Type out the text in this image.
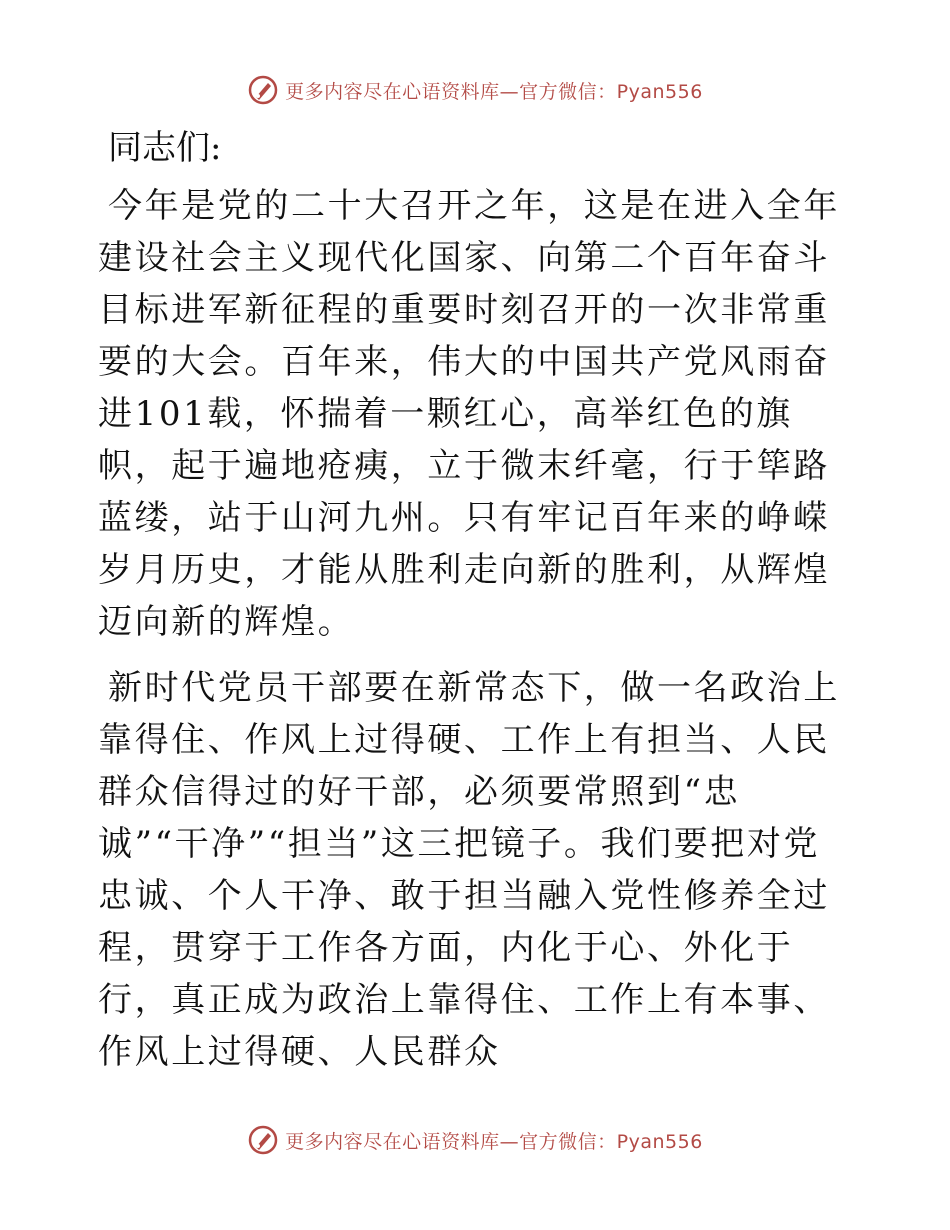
更多内容尽在心语资料库—官方微信：Pyan556
同志们:

今年是党的二十大召开之年，这是在进入全年建设社会主义现代化国家、向第二个百年奋斗目标进军新征程的重要时刻召开的一次非常重要的大会。百年来，伟大的中国共产党风雨奋进101载，怀揣着一颗红心，高举红色的旗帜，起于遍地疮痍，立于微末纤毫，行于筚路蓝缕，站于山河九州。只有牢记百年来的峥嵘岁月历史，才能从胜利走向新的胜利，从辉煌迈向新的辉煌。

新时代党员干部要在新常态下，做一名政治上靠得住、作风上过得硬、工作上有担当、人民群众信得过的好干部，必须要常照到“忠诚”“干净”“担当”这三把镜子。我们要把对党忠诚、个人干净、敢于担当融入党性修养全过程，贯穿于工作各方面，内化于心、外化于行，真正成为政治上靠得住、工作上有本事、作风上过得硬、人民群众

更多内容尽在心语资料库—官方微信：Pyan556
